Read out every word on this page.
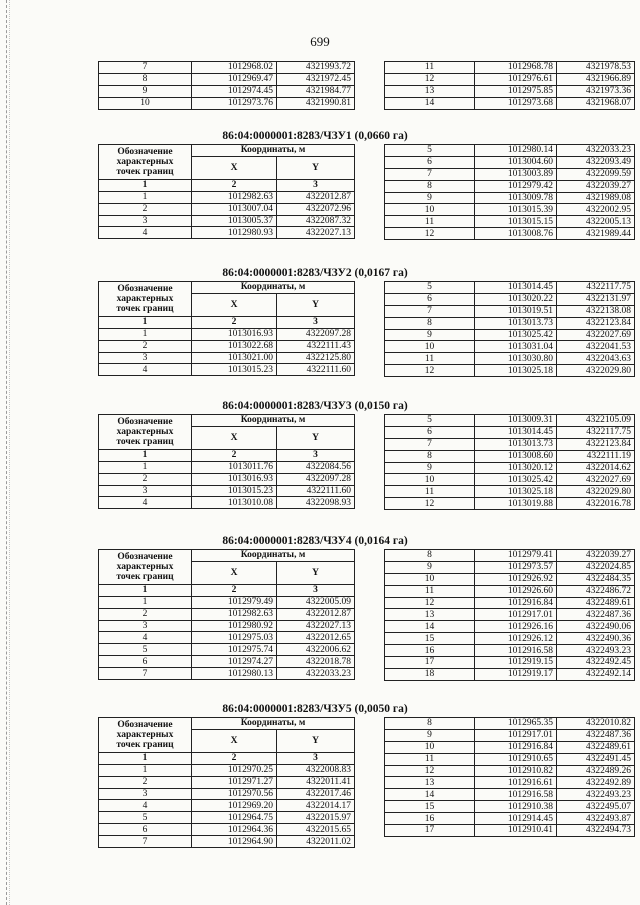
699
7	1012968.02	4321993.72
8	1012969.47	4321972.45
9	1012974.45	4321984.77
10	1012973.76	4321990.81
11	1012968.78	4321978.53
12	1012976.61	4321966.89
13	1012975.85	4321973.36
14	1012973.68	4321968.07
86:04:0000001:8283/ЧЗУ1 (0,0660 га)
Обозначение
характерных
точек границ	Координаты, м	
	X	Y

1	2	3
1	1012982.63	4322012.87
2	1013007.04	4322072.96
3	1013005.37	4322087.32
4	1012980.93	4322027.13
5	1012980.14	4322033.23
6	1013004.60	4322093.49
7	1013003.89	4322099.59
8	1012979.42	4322039.27
9	1013009.78	4321989.08
10	1013015.39	4322002.95
11	1013015.15	4322005.13
12	1013008.76	4321989.44
86:04:0000001:8283/ЧЗУ2 (0,0167 га)
Обозначение
характерных
точек границ	Координаты, м	
	X	Y

1	2	3
1	1013016.93	4322097.28
2	1013022.68	4322111.43
3	1013021.00	4322125.80
4	1013015.23	4322111.60
5	1013014.45	4322117.75
6	1013020.22	4322131.97
7	1013019.51	4322138.08
8	1013013.73	4322123.84
9	1013025.42	4322027.69
10	1013031.04	4322041.53
11	1013030.80	4322043.63
12	1013025.18	4322029.80
86:04:0000001:8283/ЧЗУ3 (0,0150 га)
Обозначение
характерных
точек границ	Координаты, м	
	X	Y

1	2	3
1	1013011.76	4322084.56
2	1013016.93	4322097.28
3	1013015.23	4322111.60
4	1013010.08	4322098.93
5	1013009.31	4322105.09
6	1013014.45	4322117.75
7	1013013.73	4322123.84
8	1013008.60	4322111.19
9	1013020.12	4322014.62
10	1013025.42	4322027.69
11	1013025.18	4322029.80
12	1013019.88	4322016.78
86:04:0000001:8283/ЧЗУ4 (0,0164 га)
Обозначение
характерных
точек границ	Координаты, м	
	X	Y

1	2	3
1	1012979.49	4322005.09
2	1012982.63	4322012.87
3	1012980.92	4322027.13
4	1012975.03	4322012.65
5	1012975.74	4322006.62
6	1012974.27	4322018.78
7	1012980.13	4322033.23
8	1012979.41	4322039.27
9	1012973.57	4322024.85
10	1012926.92	4322484.35
11	1012926.60	4322486.72
12	1012916.84	4322489.61
13	1012917.01	4322487.36
14	1012926.16	4322490.06
15	1012926.12	4322490.36
16	1012916.58	4322493.23
17	1012919.15	4322492.45
18	1012919.17	4322492.14
86:04:0000001:8283/ЧЗУ5 (0,0050 га)
Обозначение
характерных
точек границ	Координаты, м	
	X	Y

1	2	3
1	1012970.25	4322008.83
2	1012971.27	4322011.41
3	1012970.56	4322017.46
4	1012969.20	4322014.17
5	1012964.75	4322015.97
6	1012964.36	4322015.65
7	1012964.90	4322011.02
8	1012965.35	4322010.82
9	1012917.01	4322487.36
10	1012916.84	4322489.61
11	1012910.65	4322491.45
12	1012910.82	4322489.26
13	1012916.61	4322492.89
14	1012916.58	4322493.23
15	1012910.38	4322495.07
16	1012914.45	4322493.87
17	1012910.41	4322494.73
